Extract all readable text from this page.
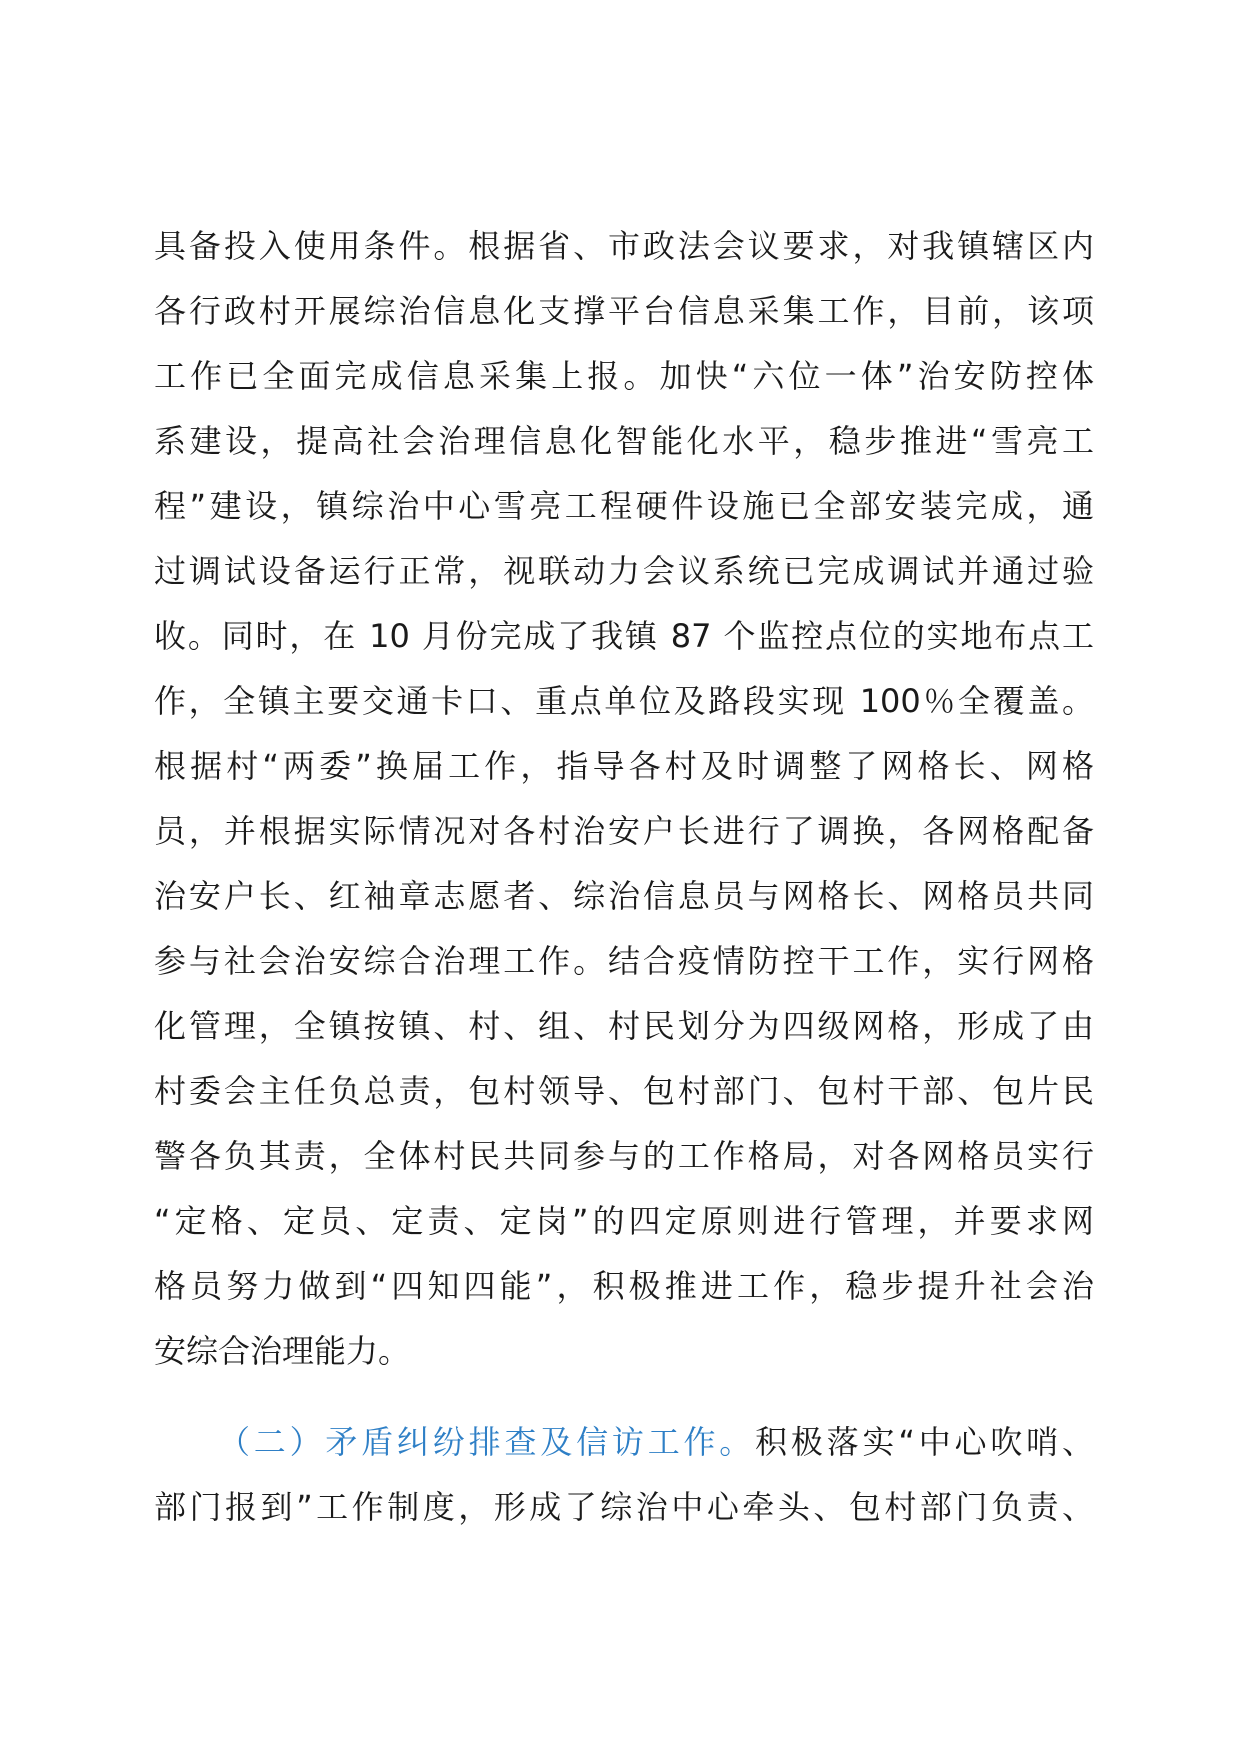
具备投入使用条件。根据省、市政法会议要求，对我镇辖区内
各行政村开展综治信息化支撑平台信息采集工作，目前，该项
工作已全面完成信息采集上报。加快“六位一体”治安防控体
系建设，提高社会治理信息化智能化水平，稳步推进“雪亮工
程”建设，镇综治中心雪亮工程硬件设施已全部安装完成，通
过调试设备运行正常，视联动力会议系统已完成调试并通过验
收。同时，在 10 月份完成了我镇 87 个监控点位的实地布点工
作，全镇主要交通卡口、重点单位及路段实现 100％全覆盖。
根据村“两委”换届工作，指导各村及时调整了网格长、网格
员，并根据实际情况对各村治安户长进行了调换，各网格配备
治安户长、红袖章志愿者、综治信息员与网格长、网格员共同
参与社会治安综合治理工作。结合疫情防控干工作，实行网格
化管理，全镇按镇、村、组、村民划分为四级网格，形成了由
村委会主任负总责，包村领导、包村部门、包村干部、包片民
警各负其责，全体村民共同参与的工作格局，对各网格员实行
“定格、定员、定责、定岗”的四定原则进行管理，并要求网
格员努力做到“四知四能”，积极推进工作，稳步提升社会治
安综合治理能力。
（二）矛盾纠纷排查及信访工作。积极落实“中心吹哨、
部门报到”工作制度，形成了综治中心牵头、包村部门负责、
